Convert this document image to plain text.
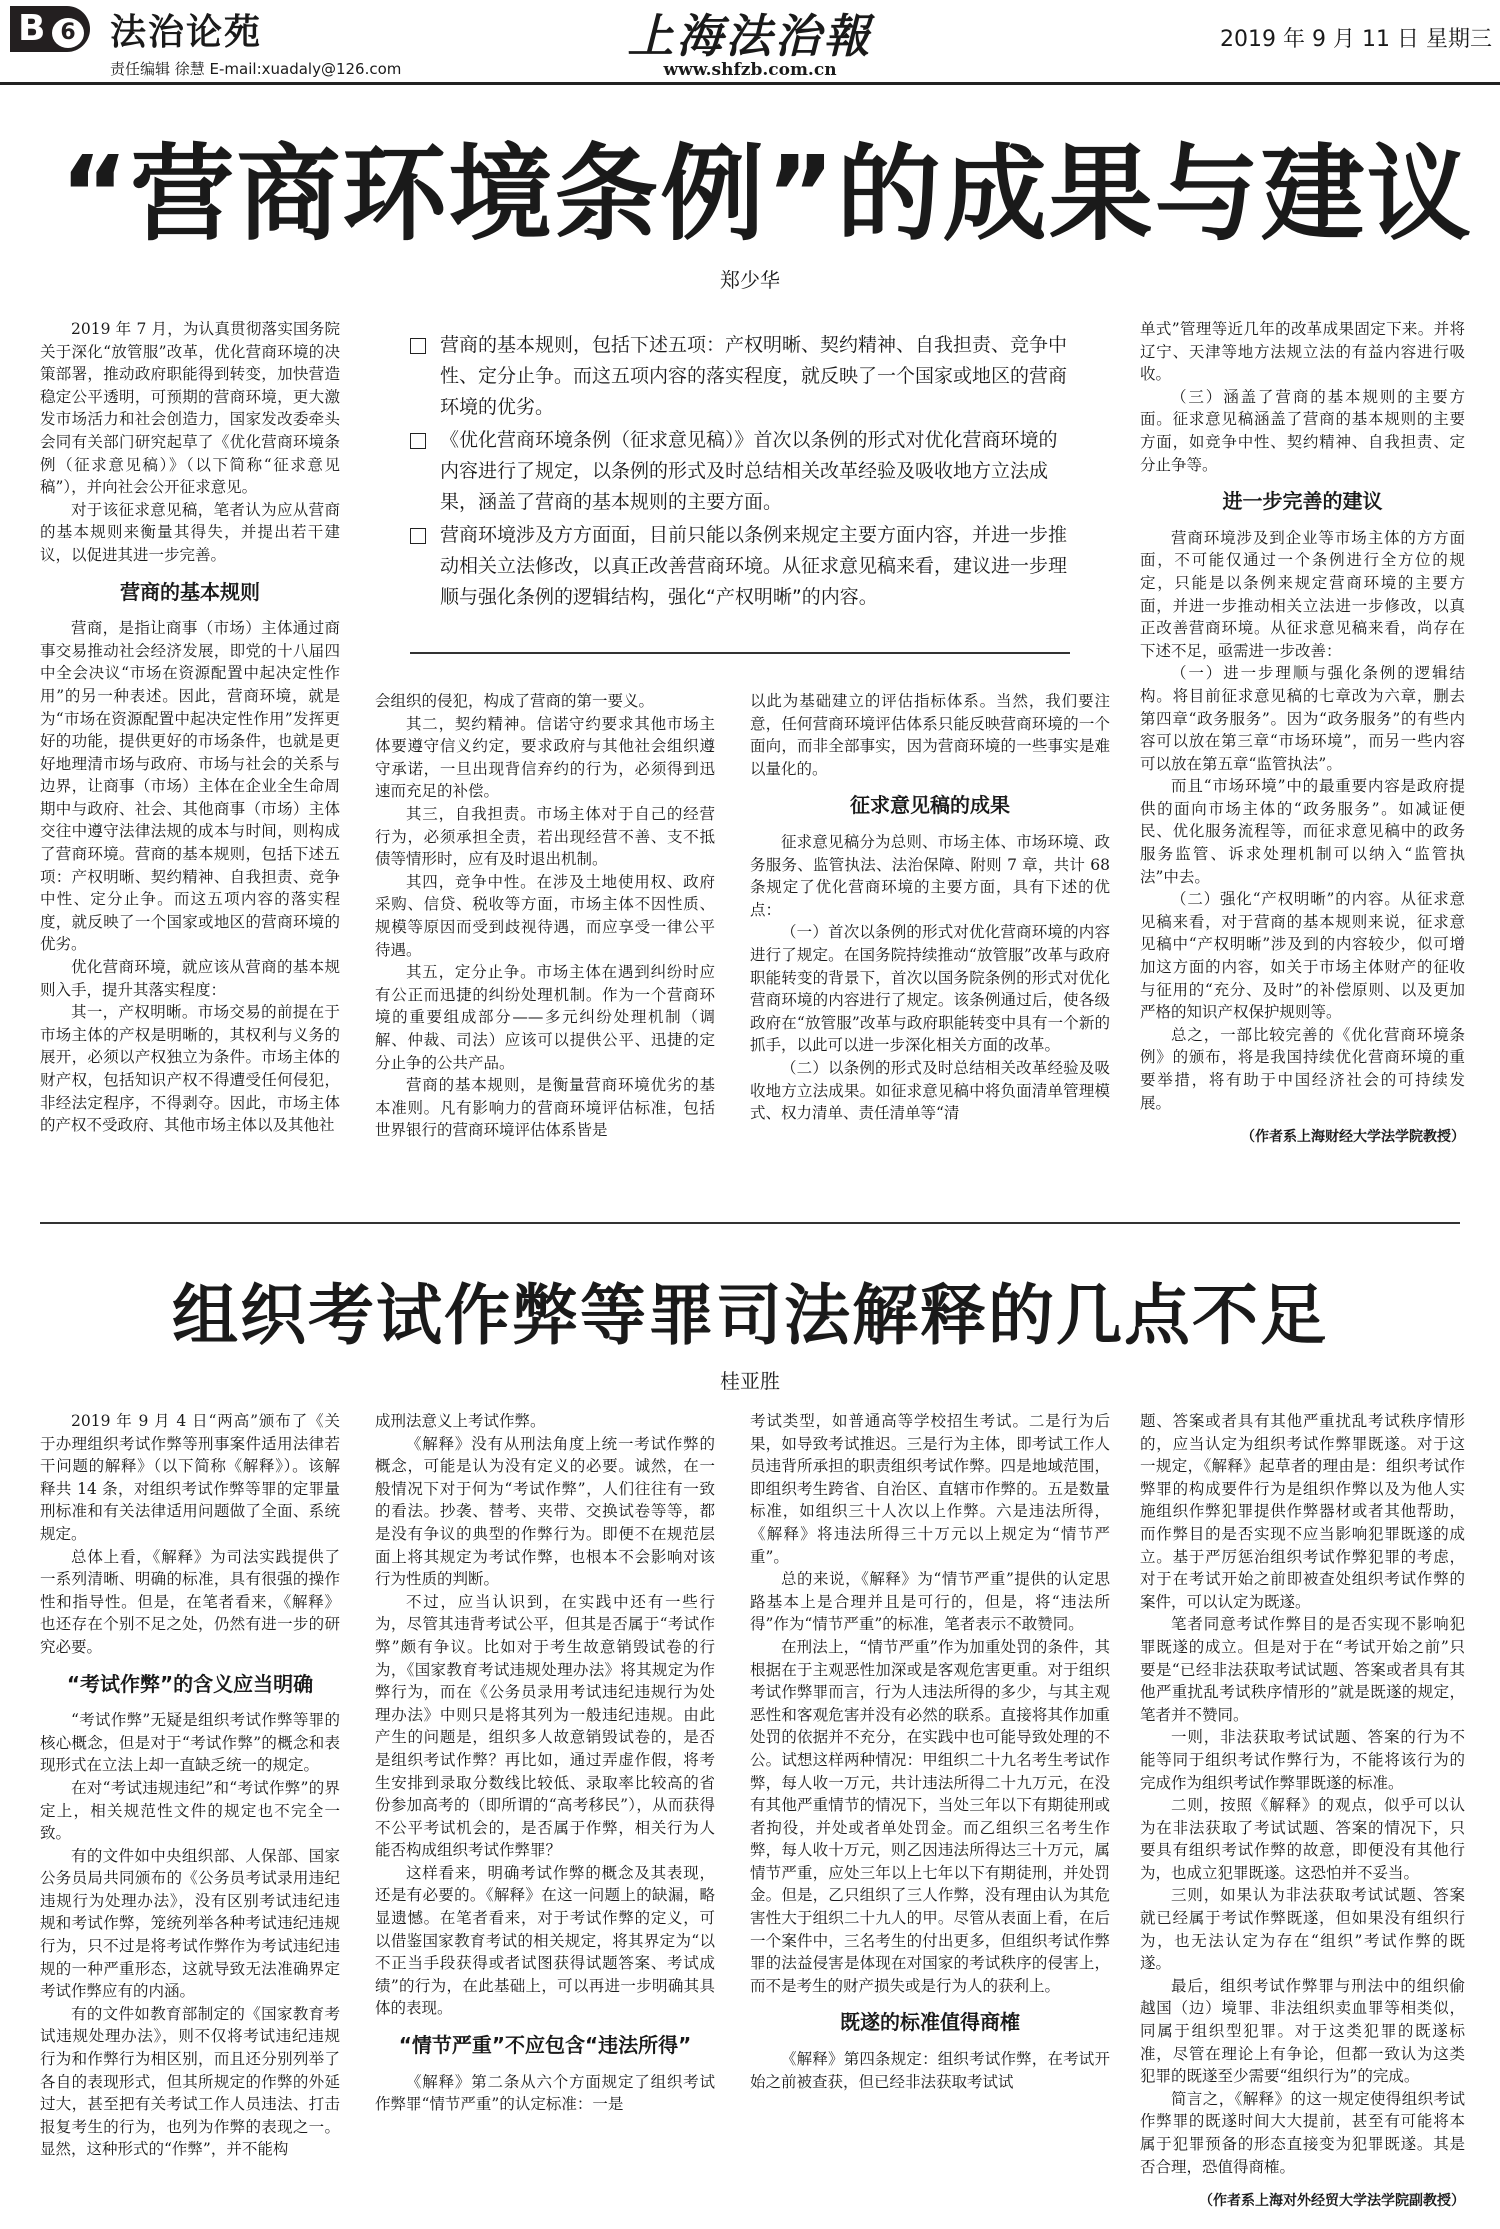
B 6 法治论苑
责任编辑 徐慧 E-mail:xuadaly@126.com
上海法治報
www.shfzb.com.cn
2019 年 9 月 11 日 星期三
“营商环境条例”的成果与建议
郑少华

2019 年 7 月，为认真贯彻落实国务院关于深化“放管服”改革，优化营商环境的决策部署，推动政府职能得到转变，加快营造稳定公平透明，可预期的营商环境，更大激发市场活力和社会创造力，国家发改委牵头会同有关部门研究起草了《优化营商环境条例（征求意见稿）》（以下简称“征求意见稿”），并向社会公开征求意见。

对于该征求意见稿，笔者认为应从营商的基本规则来衡量其得失，并提出若干建议，以促进其进一步完善。

营商的基本规则

营商，是指让商事（市场）主体通过商事交易推动社会经济发展，即党的十八届四中全会决议“市场在资源配置中起决定性作用”的另一种表述。因此，营商环境，就是为“市场在资源配置中起决定性作用”发挥更好的功能，提供更好的市场条件，也就是更好地理清市场与政府、市场与社会的关系与边界，让商事（市场）主体在企业全生命周期中与政府、社会、其他商事（市场）主体交往中遵守法律法规的成本与时间，则构成了营商环境。营商的基本规则，包括下述五项：产权明晰、契约精神、自我担责、竞争中性、定分止争。而这五项内容的落实程度，就反映了一个国家或地区的营商环境的优劣。

优化营商环境，就应该从营商的基本规则入手，提升其落实程度：

其一，产权明晰。市场交易的前提在于市场主体的产权是明晰的，其权利与义务的展开，必须以产权独立为条件。市场主体的财产权，包括知识产权不得遭受任何侵犯，非经法定程序，不得剥夺。因此，市场主体的产权不受政府、其他市场主体以及其他社

营商的基本规则，包括下述五项：产权明晰、契约精神、自我担责、竞争中性、定分止争。而这五项内容的落实程度，就反映了一个国家或地区的营商环境的优劣。
《优化营商环境条例（征求意见稿）》首次以条例的形式对优化营商环境的内容进行了规定，以条例的形式及时总结相关改革经验及吸收地方立法成果，涵盖了营商的基本规则的主要方面。
营商环境涉及方方面面，目前只能以条例来规定主要方面内容，并进一步推动相关立法修改，以真正改善营商环境。从征求意见稿来看，建议进一步理顺与强化条例的逻辑结构，强化“产权明晰”的内容。

会组织的侵犯，构成了营商的第一要义。

其二，契约精神。信诺守约要求其他市场主体要遵守信义约定，要求政府与其他社会组织遵守承诺，一旦出现背信弃约的行为，必须得到迅速而充足的补偿。

其三，自我担责。市场主体对于自己的经营行为，必须承担全责，若出现经营不善、支不抵债等情形时，应有及时退出机制。

其四，竞争中性。在涉及土地使用权、政府采购、信贷、税收等方面，市场主体不因性质、规模等原因而受到歧视待遇，而应享受一律公平待遇。

其五，定分止争。市场主体在遇到纠纷时应有公正而迅捷的纠纷处理机制。作为一个营商环境的重要组成部分——多元纠纷处理机制（调解、仲裁、司法）应该可以提供公平、迅捷的定分止争的公共产品。

营商的基本规则，是衡量营商环境优劣的基本准则。凡有影响力的营商环境评估标准，包括世界银行的营商环境评估体系皆是

以此为基础建立的评估指标体系。当然，我们要注意，任何营商环境评估体系只能反映营商环境的一个面向，而非全部事实，因为营商环境的一些事实是难以量化的。

征求意见稿的成果

征求意见稿分为总则、市场主体、市场环境、政务服务、监管执法、法治保障、附则 7 章，共计 68 条规定了优化营商环境的主要方面，具有下述的优点：

（一）首次以条例的形式对优化营商环境的内容进行了规定。在国务院持续推动“放管服”改革与政府职能转变的背景下，首次以国务院条例的形式对优化营商环境的内容进行了规定。该条例通过后，使各级政府在“放管服”改革与政府职能转变中具有一个新的抓手，以此可以进一步深化相关方面的改革。

（二）以条例的形式及时总结相关改革经验及吸收地方立法成果。如征求意见稿中将负面清单管理模式、权力清单、责任清单等“清

单式”管理等近几年的改革成果固定下来。并将辽宁、天津等地方法规立法的有益内容进行吸收。

（三）涵盖了营商的基本规则的主要方面。征求意见稿涵盖了营商的基本规则的主要方面，如竞争中性、契约精神、自我担责、定分止争等。

进一步完善的建议

营商环境涉及到企业等市场主体的方方面面，不可能仅通过一个条例进行全方位的规定，只能是以条例来规定营商环境的主要方面，并进一步推动相关立法进一步修改，以真正改善营商环境。从征求意见稿来看，尚存在下述不足，亟需进一步改善：

（一）进一步理顺与强化条例的逻辑结构。将目前征求意见稿的七章改为六章，删去第四章“政务服务”。因为“政务服务”的有些内容可以放在第三章“市场环境”，而另一些内容可以放在第五章“监管执法”。

而且“市场环境”中的最重要内容是政府提供的面向市场主体的“政务服务”。如减证便民、优化服务流程等，而征求意见稿中的政务服务监管、诉求处理机制可以纳入“监管执法”中去。

（二）强化“产权明晰”的内容。从征求意见稿来看，对于营商的基本规则来说，征求意见稿中“产权明晰”涉及到的内容较少，似可增加这方面的内容，如关于市场主体财产的征收与征用的“充分、及时”的补偿原则、以及更加严格的知识产权保护规则等。

总之，一部比较完善的《优化营商环境条例》的颁布，将是我国持续优化营商环境的重要举措，将有助于中国经济社会的可持续发展。

（作者系上海财经大学法学院教授）

组织考试作弊等罪司法解释的几点不足
桂亚胜

2019 年 9 月 4 日“两高”颁布了《关于办理组织考试作弊等刑事案件适用法律若干问题的解释》（以下简称《解释》）。该解释共 14 条，对组织考试作弊等罪的定罪量刑标准和有关法律适用问题做了全面、系统规定。

总体上看，《解释》为司法实践提供了一系列清晰、明确的标准，具有很强的操作性和指导性。但是，在笔者看来，《解释》也还存在个别不足之处，仍然有进一步的研究必要。

“考试作弊”的含义应当明确

“考试作弊”无疑是组织考试作弊等罪的核心概念，但是对于“考试作弊”的概念和表现形式在立法上却一直缺乏统一的规定。

在对“考试违规违纪”和“考试作弊”的界定上，相关规范性文件的规定也不完全一致。

有的文件如中央组织部、人保部、国家公务员局共同颁布的《公务员考试录用违纪违规行为处理办法》，没有区别考试违纪违规和考试作弊，笼统列举各种考试违纪违规行为，只不过是将考试作弊作为考试违纪违规的一种严重形态，这就导致无法准确界定考试作弊应有的内涵。

有的文件如教育部制定的《国家教育考试违规处理办法》，则不仅将考试违纪违规行为和作弊行为相区别，而且还分别列举了各自的表现形式，但其所规定的作弊的外延过大，甚至把有关考试工作人员违法、打击报复考生的行为，也列为作弊的表现之一。显然，这种形式的“作弊”，并不能构

成刑法意义上考试作弊。

《解释》没有从刑法角度上统一考试作弊的概念，可能是认为没有定义的必要。诚然，在一般情况下对于何为“考试作弊”，人们往往有一致的看法。抄袭、替考、夹带、交换试卷等等，都是没有争议的典型的作弊行为。即便不在规范层面上将其规定为考试作弊，也根本不会影响对该行为性质的判断。

不过，应当认识到，在实践中还有一些行为，尽管其违背考试公平，但其是否属于“考试作弊”颇有争议。比如对于考生故意销毁试卷的行为，《国家教育考试违规处理办法》将其规定为作弊行为，而在《公务员录用考试违纪违规行为处理办法》中则只是将其列为一般违纪违规。由此产生的问题是，组织多人故意销毁试卷的，是否是组织考试作弊？再比如，通过弄虚作假，将考生安排到录取分数线比较低、录取率比较高的省份参加高考的（即所谓的“高考移民”），从而获得不公平考试机会的，是否属于作弊，相关行为人能否构成组织考试作弊罪？

这样看来，明确考试作弊的概念及其表现，还是有必要的。《解释》在这一问题上的缺漏，略显遗憾。在笔者看来，对于考试作弊的定义，可以借鉴国家教育考试的相关规定，将其界定为“以不正当手段获得或者试图获得试题答案、考试成绩”的行为，在此基础上，可以再进一步明确其具体的表现。

“情节严重”不应包含“违法所得”

《解释》第二条从六个方面规定了组织考试作弊罪“情节严重”的认定标准：一是

考试类型，如普通高等学校招生考试。二是行为后果，如导致考试推迟。三是行为主体，即考试工作人员违背所承担的职责组织考试作弊。四是地域范围，即组织考生跨省、自治区、直辖市作弊的。五是数量标准，如组织三十人次以上作弊。六是违法所得，《解释》将违法所得三十万元以上规定为“情节严重”。

总的来说，《解释》为“情节严重”提供的认定思路基本上是合理并且是可行的，但是，将“违法所得”作为“情节严重”的标准，笔者表示不敢赞同。

在刑法上，“情节严重”作为加重处罚的条件，其根据在于主观恶性加深或是客观危害更重。对于组织考试作弊罪而言，行为人违法所得的多少，与其主观恶性和客观危害并没有必然的联系。直接将其作加重处罚的依据并不充分，在实践中也可能导致处理的不公。试想这样两种情况：甲组织二十九名考生考试作弊，每人收一万元，共计违法所得二十九万元，在没有其他严重情节的情况下，当处三年以下有期徒刑或者拘役，并处或者单处罚金。而乙组织三名考生作弊，每人收十万元，则乙因违法所得达三十万元，属情节严重，应处三年以上七年以下有期徒刑，并处罚金。但是，乙只组织了三人作弊，没有理由认为其危害性大于组织二十九人的甲。尽管从表面上看，在后一个案件中，三名考生的付出更多，但组织考试作弊罪的法益侵害是体现在对国家的考试秩序的侵害上，而不是考生的财产损失或是行为人的获利上。

既遂的标准值得商榷

《解释》第四条规定：组织考试作弊，在考试开始之前被查获，但已经非法获取考试试

题、答案或者具有其他严重扰乱考试秩序情形的，应当认定为组织考试作弊罪既遂。对于这一规定，《解释》起草者的理由是：组织考试作弊罪的构成要件行为是组织作弊以及为他人实施组织作弊犯罪提供作弊器材或者其他帮助，而作弊目的是否实现不应当影响犯罪既遂的成立。基于严厉惩治组织考试作弊犯罪的考虑，对于在考试开始之前即被查处组织考试作弊的案件，可以认定为既遂。

笔者同意考试作弊目的是否实现不影响犯罪既遂的成立。但是对于在“考试开始之前”只要是“已经非法获取考试试题、答案或者具有其他严重扰乱考试秩序情形的”就是既遂的规定，笔者并不赞同。

一则，非法获取考试试题、答案的行为不能等同于组织考试作弊行为，不能将该行为的完成作为组织考试作弊罪既遂的标准。

二则，按照《解释》的观点，似乎可以认为在非法获取了考试试题、答案的情况下，只要具有组织考试作弊的故意，即便没有其他行为，也成立犯罪既遂。这恐怕并不妥当。

三则，如果认为非法获取考试试题、答案就已经属于考试作弊既遂，但如果没有组织行为，也无法认定为存在“组织”考试作弊的既遂。

最后，组织考试作弊罪与刑法中的组织偷越国（边）境罪、非法组织卖血罪等相类似，同属于组织型犯罪。对于这类犯罪的既遂标准，尽管在理论上有争论，但都一致认为这类犯罪的既遂至少需要“组织行为”的完成。

简言之，《解释》的这一规定使得组织考试作弊罪的既遂时间大大提前，甚至有可能将本属于犯罪预备的形态直接变为犯罪既遂。其是否合理，恐值得商榷。

（作者系上海对外经贸大学法学院副教授）
